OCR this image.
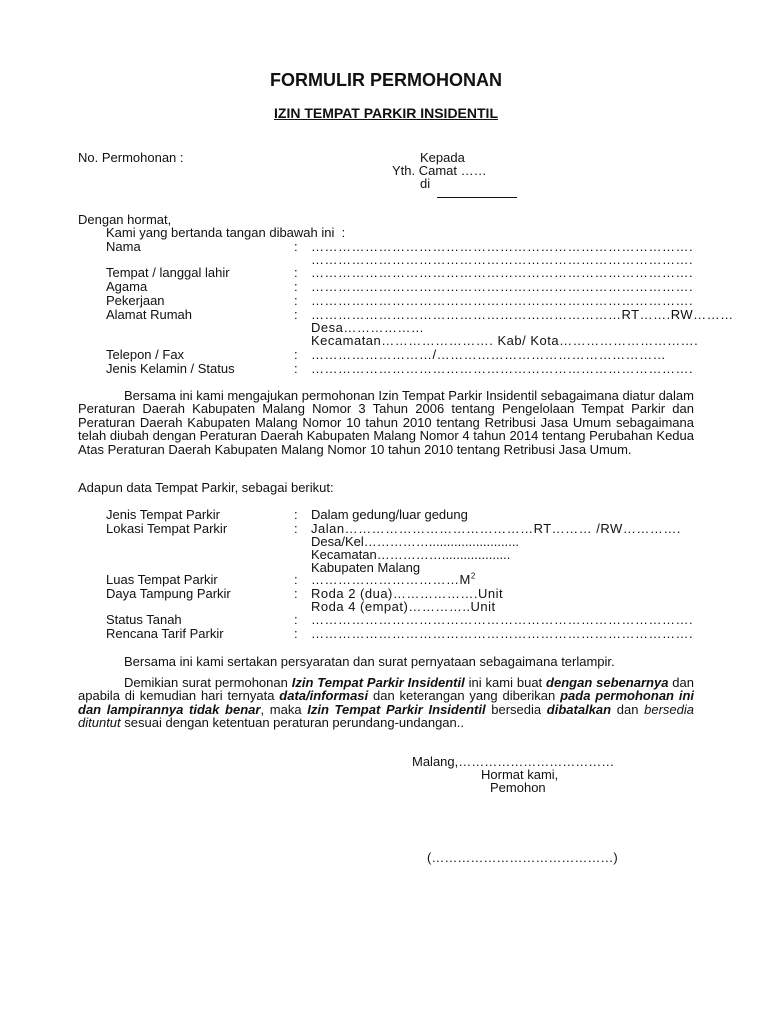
FORMULIR PERMOHONAN
IZIN TEMPAT PARKIR INSIDENTIL
No. Permohonan :	Kepada
Yth. Camat ……
di
Dengan hormat,
Kami yang bertanda tangan dibawah ini  :
Nama	: ………………………………………………………………………….
………………………………………………………………………….
Tempat / langgal lahir	: ………………………………………………………………………….
Agama	: ………………………………………………………………………….
Pekerjaan	: ………………………………………………………………………….
Alamat Rumah	: ……………………………………………………………RT…….RW………
Desa………………
Kecamatan……………………. Kab/ Kota………………………….
Telepon / Fax	: ………………………/……………………………………………
Jenis Kelamin / Status	: ………………………………………………………………………….
Bersama ini kami mengajukan permohonan Izin Tempat Parkir Insidentil sebagaimana diatur dalam Peraturan Daerah Kabupaten Malang Nomor 3 Tahun 2006 tentang Pengelolaan Tempat Parkir dan Peraturan Daerah Kabupaten Malang Nomor 10 tahun 2010 tentang Retribusi Jasa Umum sebagaimana telah diubah dengan Peraturan Daerah Kabupaten Malang Nomor 4 tahun 2014 tentang Perubahan Kedua Atas Peraturan Daerah Kabupaten Malang Nomor 10 tahun 2010 tentang Retribusi Jasa Umum.
Adapun data Tempat Parkir, sebagai berikut:
Jenis Tempat Parkir	: Dalam gedung/luar gedung
Lokasi Tempat Parkir	: Jalan……………………………………RT……… /RW………….
Desa/Kel…………….........................
Kecamatan……………...................
Kabupaten Malang
Luas Tempat Parkir	: $\dots\dots\dots\dots\dots\dots\dots\dots\dots\dots\dots M^2$
Daya Tampung Parkir	: Roda 2 (dua)……………….Unit
Roda 4 (empat)…………..Unit
Status Tanah	: ………………………………………………………………………….
Rencana Tarif Parkir	: ………………………………………………………………………….
Bersama ini kami sertakan persyaratan dan surat pernyataan sebagaimana terlampir.
Demikian surat permohonan Izin Tempat Parkir Insidentil ini kami buat dengan sebenarnya dan apabila di kemudian hari ternyata data/informasi dan keterangan yang diberikan pada permohonan ini dan lampirannya tidak benar, maka Izin Tempat Parkir Insidentil bersedia dibatalkan dan bersedia dituntut sesuai dengan ketentuan peraturan perundang-undangan..
Malang,………………………………
Hormat kami,
Pemohon
(……………………………………)
